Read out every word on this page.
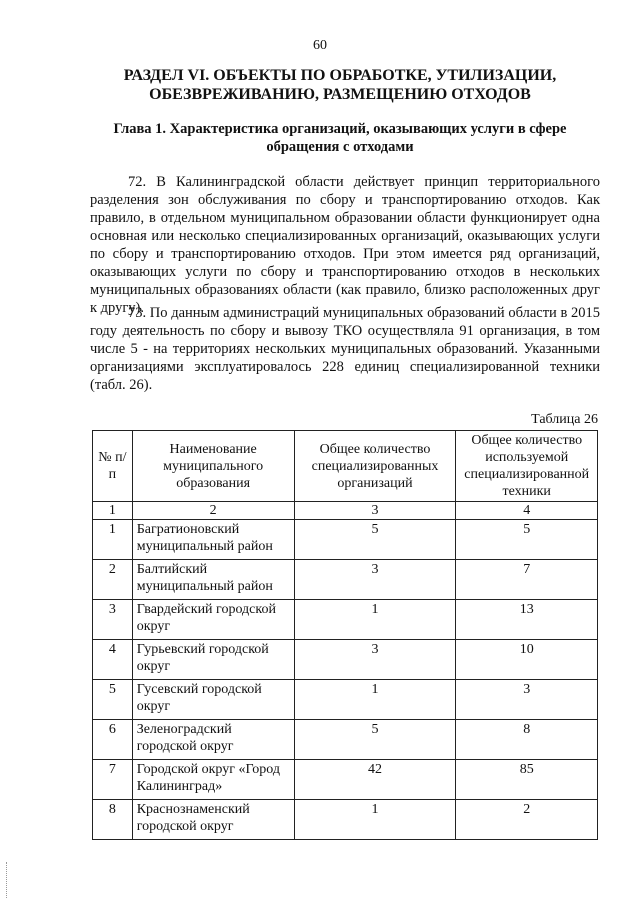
60
РАЗДЕЛ VI. ОБЪЕКТЫ ПО ОБРАБОТКЕ, УТИЛИЗАЦИИ, ОБЕЗВРЕЖИВАНИЮ, РАЗМЕЩЕНИЮ ОТХОДОВ
Глава 1. Характеристика организаций, оказывающих услуги в сфере обращения с отходами
72. В Калининградской области действует принцип территориального разделения зон обслуживания по сбору и транспортированию отходов. Как правило, в отдельном муниципальном образовании области функционирует одна основная или несколько специализированных организаций, оказывающих услуги по сбору и транспортированию отходов. При этом имеется ряд организаций, оказывающих услуги по сбору и транспортированию отходов в нескольких муниципальных образованиях области (как правило, близко расположенных друг к другу).
73. По данным администраций муниципальных образований области в 2015 году деятельность по сбору и вывозу ТКО осуществляла 91 организация, в том числе 5 - на территориях нескольких муниципальных образований. Указанными организациями эксплуатировалось 228 единиц специализированной техники (табл. 26).
Таблица 26
№ п/п	Наименование муниципального образования	Общее количество специализированных организаций	Общее количество используемой специализированной техники
1	2	3	4
1	Багратионовский муниципальный район	5	5
2	Балтийский муниципальный район	3	7
3	Гвардейский городской округ	1	13
4	Гурьевский городской округ	3	10
5	Гусевский городской округ	1	3
6	Зеленоградский городской округ	5	8
7	Городской округ «Город Калининград»	42	85
8	Краснознаменский городской округ	1	2
